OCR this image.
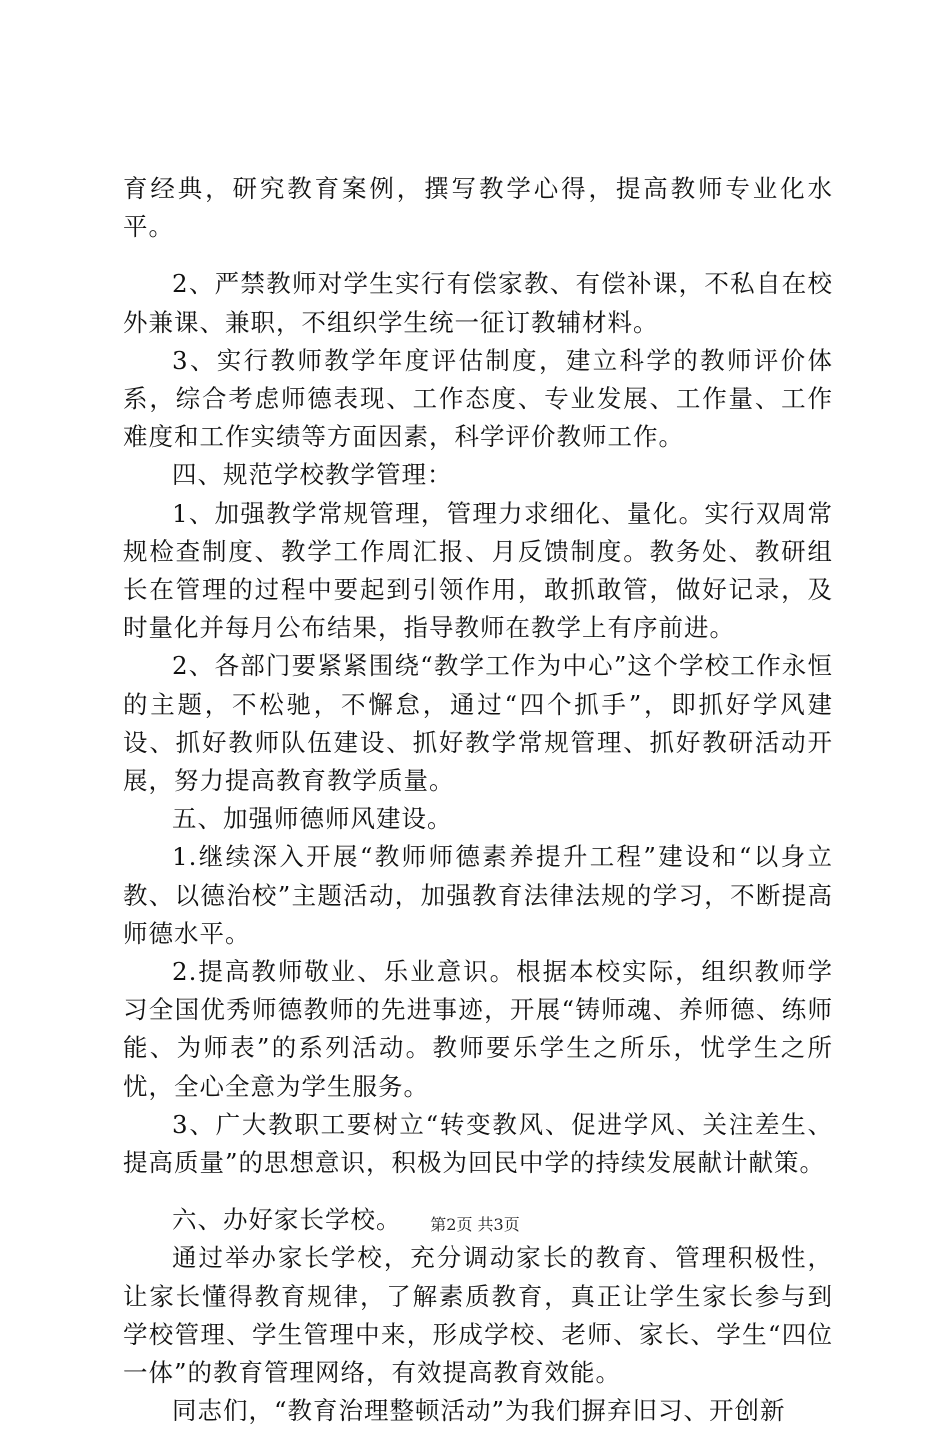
育经典，研究教育案例，撰写教学心得，提高教师专业化水平。

2、严禁教师对学生实行有偿家教、有偿补课，不私自在校外兼课、兼职，不组织学生统一征订教辅材料。

3、实行教师教学年度评估制度，建立科学的教师评价体系，综合考虑师德表现、工作态度、专业发展、工作量、工作难度和工作实绩等方面因素，科学评价教师工作。

四、规范学校教学管理：

1、加强教学常规管理，管理力求细化、量化。实行双周常规检查制度、教学工作周汇报、月反馈制度。教务处、教研组长在管理的过程中要起到引领作用，敢抓敢管，做好记录，及时量化并每月公布结果，指导教师在教学上有序前进。

2、各部门要紧紧围绕“教学工作为中心”这个学校工作永恒的主题，不松驰，不懈怠，通过“四个抓手”，即抓好学风建设、抓好教师队伍建设、抓好教学常规管理、抓好教研活动开展，努力提高教育教学质量。

五、加强师德师风建设。

1.继续深入开展“教师师德素养提升工程”建设和“以身立教、以德治校”主题活动，加强教育法律法规的学习，不断提高师德水平。

2.提高教师敬业、乐业意识。根据本校实际，组织教师学习全国优秀师德教师的先进事迹，开展“铸师魂、养师德、练师能、为师表”的系列活动。教师要乐学生之所乐，忧学生之所忧，全心全意为学生服务。

3、广大教职工要树立“转变教风、促进学风、关注差生、提高质量”的思想意识，积极为回民中学的持续发展献计献策。

六、办好家长学校。

通过举办家长学校，充分调动家长的教育、管理积极性，让家长懂得教育规律，了解素质教育，真正让学生家长参与到学校管理、学生管理中来，形成学校、老师、家长、学生“四位一体”的教育管理网络，有效提高教育效能。

同志们，“教育治理整顿活动”为我们摒弃旧习、开创新

第2页 共3页
